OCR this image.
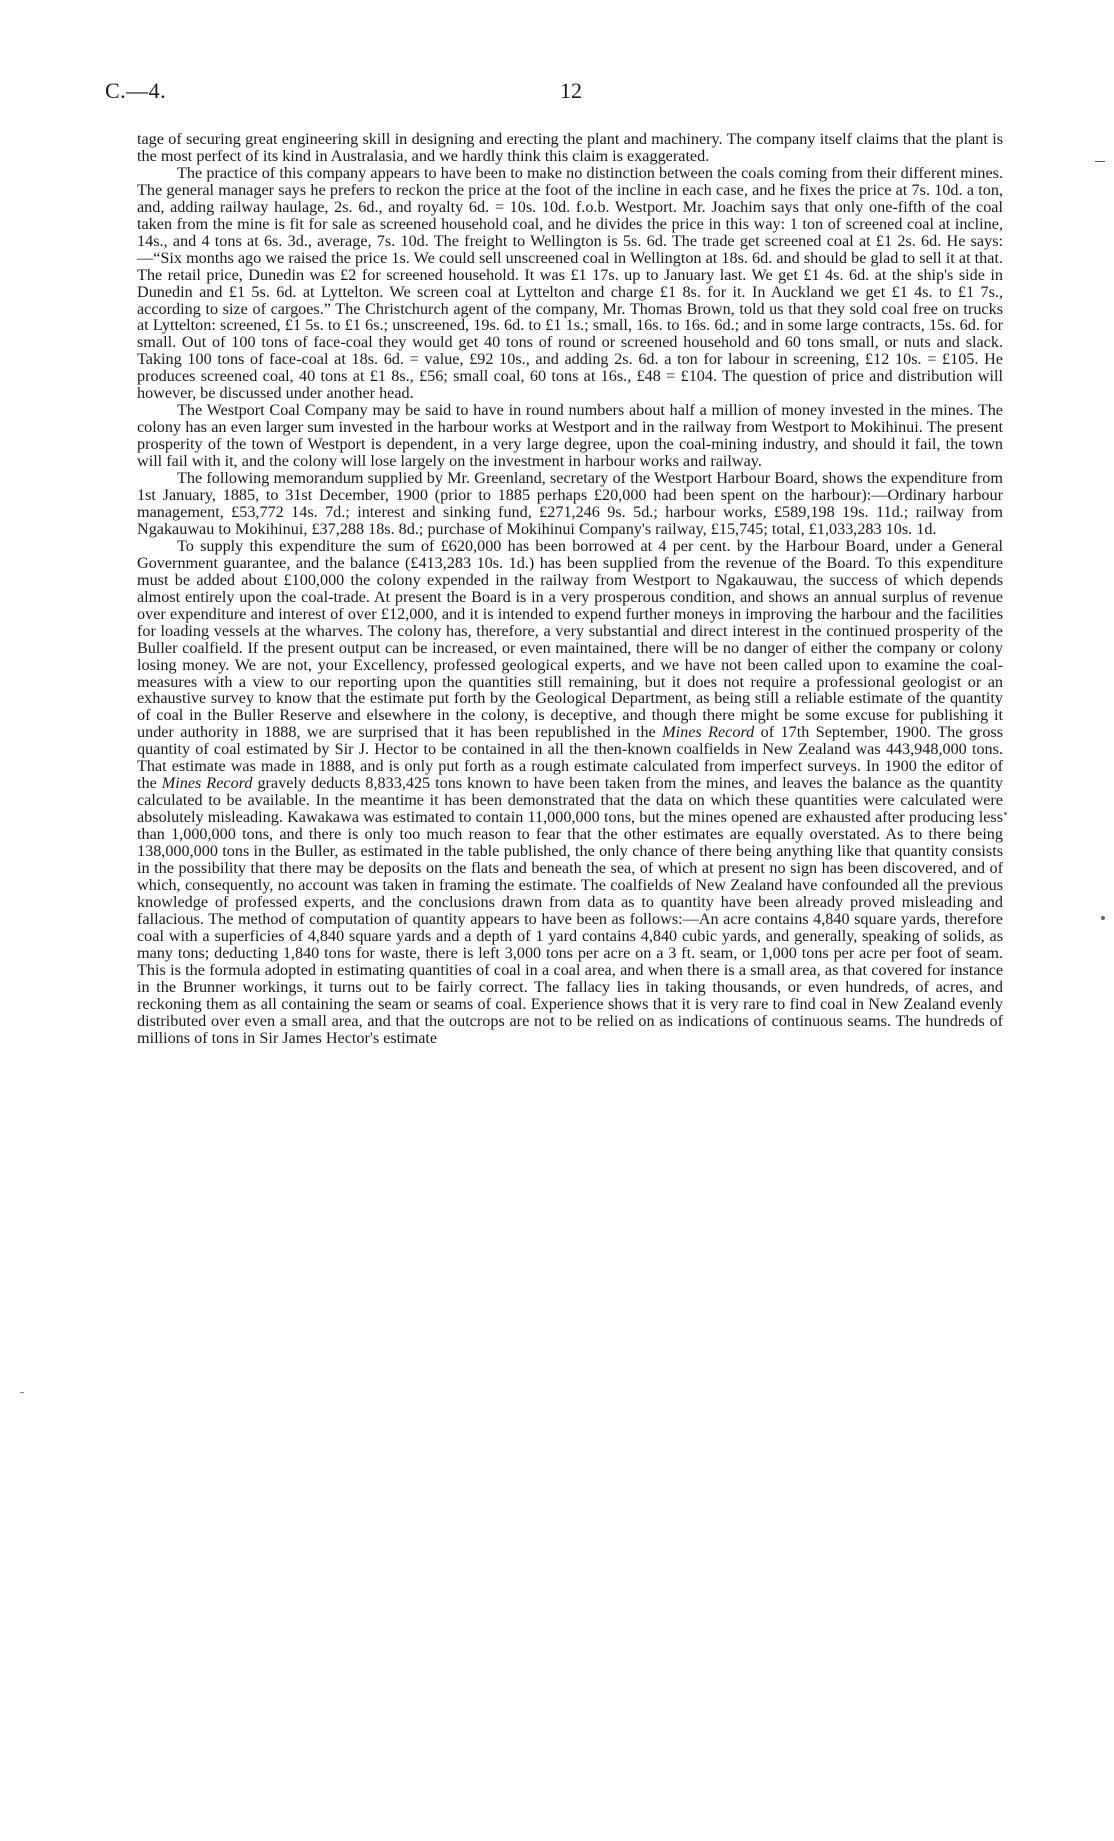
C.—4.	12

tage of securing great engineering skill in designing and erecting the plant and machinery. The company itself claims that the plant is the most perfect of its kind in Australasia, and we hardly think this claim is exaggerated.

The practice of this company appears to have been to make no distinction between the coals coming from their different mines. The general manager says he prefers to reckon the price at the foot of the incline in each case, and he fixes the price at 7s. 10d. a ton, and, adding railway haulage, 2s. 6d., and royalty 6d. = 10s. 10d. f.o.b. Westport. Mr. Joachim says that only one-fifth of the coal taken from the mine is fit for sale as screened household coal, and he divides the price in this way: 1 ton of screened coal at incline, 14s., and 4 tons at 6s. 3d., average, 7s. 10d. The freight to Wellington is 5s. 6d. The trade get screened coal at £1 2s. 6d. He says:—“Six months ago we raised the price 1s. We could sell unscreened coal in Wellington at 18s. 6d. and should be glad to sell it at that. The retail price, Dunedin was £2 for screened household. It was £1 17s. up to January last. We get £1 4s. 6d. at the ship's side in Dunedin and £1 5s. 6d. at Lyttelton. We screen coal at Lyttelton and charge £1 8s. for it. In Auckland we get £1 4s. to £1 7s., according to size of cargoes.” The Christchurch agent of the company, Mr. Thomas Brown, told us that they sold coal free on trucks at Lyttelton: screened, £1 5s. to £1 6s.; unscreened, 19s. 6d. to £1 1s.; small, 16s. to 16s. 6d.; and in some large contracts, 15s. 6d. for small. Out of 100 tons of face-coal they would get 40 tons of round or screened household and 60 tons small, or nuts and slack. Taking 100 tons of face-coal at 18s. 6d. = value, £92 10s., and adding 2s. 6d. a ton for labour in screening, £12 10s. = £105. He produces screened coal, 40 tons at £1 8s., £56; small coal, 60 tons at 16s., £48 = £104. The question of price and distribution will however, be discussed under another head.

The Westport Coal Company may be said to have in round numbers about half a million of money invested in the mines. The colony has an even larger sum invested in the harbour works at Westport and in the railway from Westport to Mokihinui. The present prosperity of the town of Westport is dependent, in a very large degree, upon the coal-mining industry, and should it fail, the town will fail with it, and the colony will lose largely on the investment in harbour works and railway.

The following memorandum supplied by Mr. Greenland, secretary of the Westport Harbour Board, shows the expenditure from 1st January, 1885, to 31st December, 1900 (prior to 1885 perhaps £20,000 had been spent on the harbour):—Ordinary harbour management, £53,772 14s. 7d.; interest and sinking fund, £271,246 9s. 5d.; harbour works, £589,198 19s. 11d.; railway from Ngakauwau to Mokihinui, £37,288 18s. 8d.; purchase of Mokihinui Company's railway, £15,745; total, £1,033,283 10s. 1d.

To supply this expenditure the sum of £620,000 has been borrowed at 4 per cent. by the Harbour Board, under a General Government guarantee, and the balance (£413,283 10s. 1d.) has been supplied from the revenue of the Board. To this expenditure must be added about £100,000 the colony expended in the railway from Westport to Ngakauwau, the success of which depends almost entirely upon the coal-trade. At present the Board is in a very prosperous condition, and shows an annual surplus of revenue over expenditure and interest of over £12,000, and it is intended to expend further moneys in improving the harbour and the facilities for loading vessels at the wharves. The colony has, therefore, a very substantial and direct interest in the continued prosperity of the Buller coalfield. If the present output can be increased, or even maintained, there will be no danger of either the company or colony losing money. We are not, your Excellency, professed geological experts, and we have not been called upon to examine the coal-measures with a view to our reporting upon the quantities still remaining, but it does not require a professional geologist or an exhaustive survey to know that the estimate put forth by the Geological Department, as being still a reliable estimate of the quantity of coal in the Buller Reserve and elsewhere in the colony, is deceptive, and though there might be some excuse for publishing it under authority in 1888, we are surprised that it has been republished in the Mines Record of 17th September, 1900. The gross quantity of coal estimated by Sir J. Hector to be contained in all the then-known coalfields in New Zealand was 443,948,000 tons. That estimate was made in 1888, and is only put forth as a rough estimate calculated from imperfect surveys. In 1900 the editor of the Mines Record gravely deducts 8,833,425 tons known to have been taken from the mines, and leaves the balance as the quantity calculated to be available. In the meantime it has been demonstrated that the data on which these quantities were calculated were absolutely misleading. Kawakawa was estimated to contain 11,000,000 tons, but the mines opened are exhausted after producing less than 1,000,000 tons, and there is only too much reason to fear that the other estimates are equally overstated. As to there being 138,000,000 tons in the Buller, as estimated in the table published, the only chance of there being anything like that quantity consists in the possibility that there may be deposits on the flats and beneath the sea, of which at present no sign has been discovered, and of which, consequently, no account was taken in framing the estimate. The coalfields of New Zealand have confounded all the previous knowledge of professed experts, and the conclusions drawn from data as to quantity have been already proved misleading and fallacious. The method of computation of quantity appears to have been as follows:—An acre contains 4,840 square yards, therefore coal with a superficies of 4,840 square yards and a depth of 1 yard contains 4,840 cubic yards, and generally, speaking of solids, as many tons; deducting 1,840 tons for waste, there is left 3,000 tons per acre on a 3 ft. seam, or 1,000 tons per acre per foot of seam. This is the formula adopted in estimating quantities of coal in a coal area, and when there is a small area, as that covered for instance in the Brunner workings, it turns out to be fairly correct. The fallacy lies in taking thousands, or even hundreds, of acres, and reckoning them as all containing the seam or seams of coal. Experience shows that it is very rare to find coal in New Zealand evenly distributed over even a small area, and that the outcrops are not to be relied on as indications of continuous seams. The hundreds of millions of tons in Sir James Hector's estimate
